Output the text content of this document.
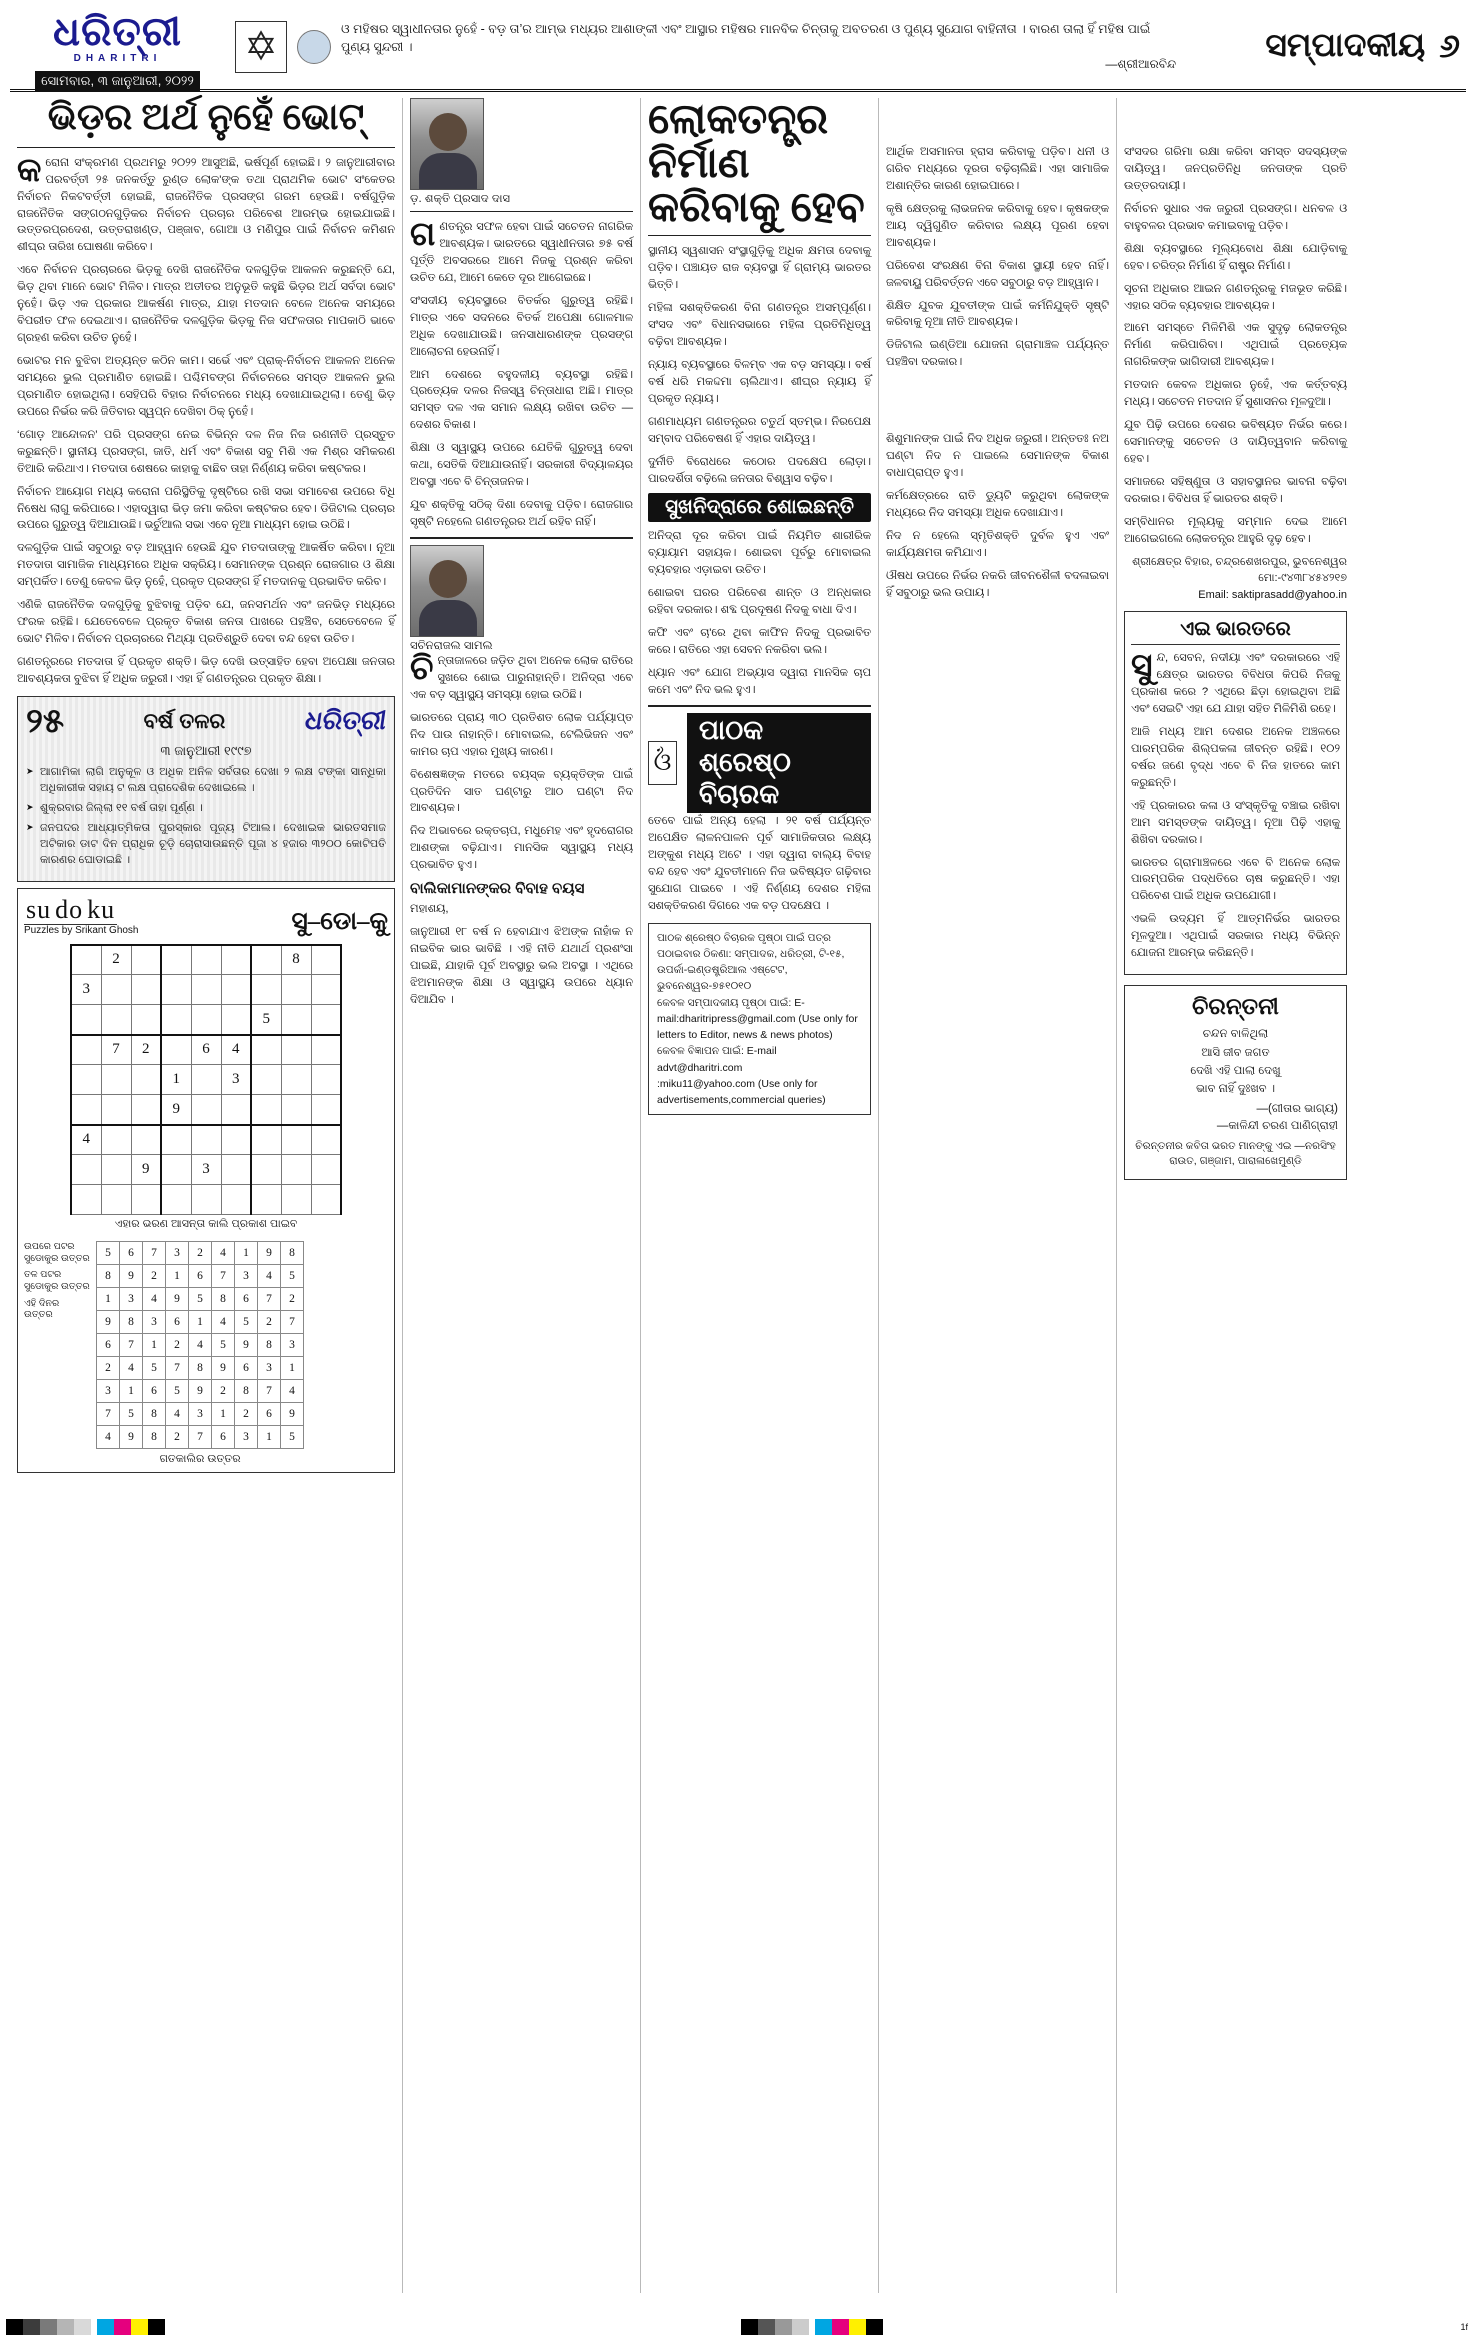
ଧରିତ୍ରୀ
DHARITRI
ସୋମବାର, ୩ ଜାନୁଆରୀ, ୨୦୨୨
✡
ଓ ମହିଷର ସ୍ୱାଧୀନତାର ନୁହେଁ - ବଡ଼ ତା’ର ଆମ୍ଭ ମଧ୍ୟର ଆଶାଙ୍କୀ ଏବଂ ଆସ୍ଥାର ମହିଷର ମାନବିକ ଚିନ୍ତାକୁ ଅବତରଣ ଓ ପୁଣ୍ୟ ସୁଯୋଗ ବାହିନୀତା । ବାରଣ ତାଲା ହିଁ ମହିଷ ପାଇଁ ପୁଣ୍ୟ ସୁନ୍ଦରୀ ।
—ଶ୍ରୀଆରବିନ୍ଦ	ସମ୍ପାଦକୀୟ ୬
ଭିଡ଼ର ଅର୍ଥ ନୁହେଁ ଭୋଟ୍

କରୋନା ସଂକ୍ରମଣ ପ୍ରଥମରୁ ୨୦୨୨ ଆସୁଅଛି, ଭର୍ଷପୂର୍ଣ ହୋଇଛି। ୨ ଜାନୁଆରୀବାର ପରବର୍ତ୍ତୀ ୨୫ ଜନକର୍ତ୍ତୁ ରୁଣ୍ଡ ଲୋକ'ଙ୍କ ତଥା ପ୍ରାଥମିକ ଭୋଟ ସଂକେତର ନିର୍ବାଚନ ନିକଟବର୍ତ୍ତୀ ହୋଇଛି, ରାଜନୈତିକ ପ୍ରସଙ୍ଗ ଗରମ ହେଉଛି। ବର୍ଷଗୁଡ଼ିକ ରାଜନୈତିକ ସଙ୍ଗଠନଗୁଡ଼ିକର ନିର୍ବାଚନ ପ୍ରଚାର ପରିବେଶ ଆରମ୍ଭ ହୋଇଯାଇଛି। ଉତ୍ତରପ୍ରଦେଶ, ଉତ୍ତରାଖଣ୍ଡ, ପଞ୍ଜାବ, ଗୋଆ ଓ ମଣିପୁର ପାଇଁ ନିର୍ବାଚନ କମିଶନ ଶୀଘ୍ର ତାରିଖ ଘୋଷଣା କରିବେ।

ଏବେ ନିର୍ବାଚନ ପ୍ରଚାରରେ ଭିଡ଼କୁ ଦେଖି ରାଜନୈତିକ ଦଳଗୁଡ଼ିକ ଆକଳନ କରୁଛନ୍ତି ଯେ, ଭିଡ଼ ଥିବା ମାନେ ଭୋଟ ମିଳିବ। ମାତ୍ର ଅତୀତର ଅନୁଭୂତି କହୁଛି ଭିଡ଼ର ଅର୍ଥ ସର୍ବଦା ଭୋଟ ନୁହେଁ। ଭିଡ଼ ଏକ ପ୍ରକାର ଆକର୍ଷଣ ମାତ୍ର, ଯାହା ମତଦାନ ବେଳେ ଅନେକ ସମୟରେ ବିପରୀତ ଫଳ ଦେଇଥାଏ। ରାଜନୈତିକ ଦଳଗୁଡ଼ିକ ଭିଡ଼କୁ ନିଜ ସଫଳତାର ମାପକାଠି ଭାବେ ଗ୍ରହଣ କରିବା ଉଚିତ ନୁହେଁ।

ଭୋଟର ମନ ବୁଝିବା ଅତ୍ୟନ୍ତ କଠିନ କାମ। ସର୍ଭେ ଏବଂ ପ୍ରାକ୍-ନିର୍ବାଚନ ଆକଳନ ଅନେକ ସମୟରେ ଭୁଲ ପ୍ରମାଣିତ ହୋଇଛି। ପଶ୍ଚିମବଙ୍ଗ ନିର୍ବାଚନରେ ସମସ୍ତ ଆକଳନ ଭୁଲ ପ୍ରମାଣିତ ହୋଇଥିଲା। ସେହିପରି ବିହାର ନିର୍ବାଚନରେ ମଧ୍ୟ ଦେଖାଯାଇଥିଲା। ତେଣୁ ଭିଡ଼ ଉପରେ ନିର୍ଭର କରି ଜିତିବାର ସ୍ୱପ୍ନ ଦେଖିବା ଠିକ୍ ନୁହେଁ।

‘ଗୋଡ଼ ଆନ୍ଦୋଳନ’ ପରି ପ୍ରସଙ୍ଗ ନେଇ ବିଭିନ୍ନ ଦଳ ନିଜ ନିଜ ରଣନୀତି ପ୍ରସ୍ତୁତ କରୁଛନ୍ତି। ସ୍ଥାନୀୟ ପ୍ରସଙ୍ଗ, ଜାତି, ଧର୍ମ ଏବଂ ବିକାଶ ସବୁ ମିଶି ଏକ ମିଶ୍ର ସମିକରଣ ତିଆରି କରିଥାଏ। ମତଦାତା ଶେଷରେ କାହାକୁ ବାଛିବ ତାହା ନିର୍ଣ୍ଣୟ କରିବା କଷ୍ଟକର।

ନିର୍ବାଚନ ଆୟୋଗ ମଧ୍ୟ କରୋନା ପରିସ୍ଥିତିକୁ ଦୃଷ୍ଟିରେ ରଖି ସଭା ସମାବେଶ ଉପରେ ବିଧି ନିଷେଧ ଲାଗୁ କରିପାରେ। ଏହାଦ୍ୱାରା ଭିଡ଼ ଜମା କରିବା କଷ୍ଟକର ହେବ। ଡିଜିଟାଲ ପ୍ରଚାର ଉପରେ ଗୁରୁତ୍ୱ ଦିଆଯାଉଛି। ଭର୍ଚୁଆଲ ସଭା ଏବେ ନୂଆ ମାଧ୍ୟମ ହୋଇ ଉଠିଛି।

ଦଳଗୁଡ଼ିକ ପାଇଁ ସବୁଠାରୁ ବଡ଼ ଆହ୍ୱାନ ହେଉଛି ଯୁବ ମତଦାତାଙ୍କୁ ଆକର୍ଷିତ କରିବା। ନୂଆ ମତଦାତା ସାମାଜିକ ମାଧ୍ୟମରେ ଅଧିକ ସକ୍ରିୟ। ସେମାନଙ୍କ ପ୍ରଶ୍ନ ରୋଜଗାର ଓ ଶିକ୍ଷା ସମ୍ପର୍କିତ। ତେଣୁ କେବଳ ଭିଡ଼ ନୁହେଁ, ପ୍ରକୃତ ପ୍ରସଙ୍ଗ ହିଁ ମତଦାନକୁ ପ୍ରଭାବିତ କରିବ।

ଏଣିକି ରାଜନୈତିକ ଦଳଗୁଡ଼ିକୁ ବୁଝିବାକୁ ପଡ଼ିବ ଯେ, ଜନସମର୍ଥନ ଏବଂ ଜନଭିଡ଼ ମଧ୍ୟରେ ଫରକ ରହିଛି। ଯେତେବେଳେ ପ୍ରକୃତ ବିକାଶ ଜନତା ପାଖରେ ପହଞ୍ଚିବ, ସେତେବେଳେ ହିଁ ଭୋଟ ମିଳିବ। ନିର୍ବାଚନ ପ୍ରଚାରରେ ମିଥ୍ୟା ପ୍ରତିଶ୍ରୁତି ଦେବା ବନ୍ଦ ହେବା ଉଚିତ।

ଗଣତନ୍ତ୍ରରେ ମତଦାତା ହିଁ ପ୍ରକୃତ ଶକ୍ତି। ଭିଡ଼ ଦେଖି ଉତ୍ସାହିତ ହେବା ଅପେକ୍ଷା ଜନତାର ଆବଶ୍ୟକତା ବୁଝିବା ହିଁ ଅଧିକ ଜରୁରୀ। ଏହା ହିଁ ଗଣତନ୍ତ୍ରର ପ୍ରକୃତ ଶିକ୍ଷା।

୨୫	ବର୍ଷ ତଳର	ଧରିତ୍ରୀ
୩ ଜାନୁଆରୀ ୧୯୯୭
➤ ଆଗାମିକା ଲାଗି ଅନୁକୂଳ ଓ ଅଧିକ ଅନିଳ ସର୍ବତାର ଦେଖା ୨ ଲକ୍ଷ ଟଙ୍କା ସାନ୍ଧିକା ଅଧିକାରୀକ ସହାୟ ଟ ଲକ୍ଷ ପ୍ରାଦେଶିକ ଦେଖାଇଲେ ।
➤ ଶୁକ୍ରବାର ଜିଲ୍ଲା ୧୧ ବର୍ଷ ତାହା ପୂର୍ଣ୍ଣ ।
➤ ଜନପଦର ଆଧ୍ୟାତ୍ମିକତା ପୁରସ୍କାର ପୂଜ୍ୟ ଟିଆଲ। ଦେଖାଇକ ଭାରତସମାଜ ଅଟିକାର ଡାଟ ଦିନ ପ୍ରାଧିକ ଚୂଡ଼ି ଚୋରାସାଉଛନ୍ତି ପୂଜା ୪ ହଜାର ୩୨୦୦ କୋଟିପତି କାରଣର ଘୋଡାଇଛି ।
su do ku
Puzzles by Srikant Ghosh	ସୁ–ଡୋ–କୁ
	2						8	
3								
						5		
	7	2		6	4			
			1		3			
			9					
4								
		9		3				

ଏହାର ଭରଣ ଆସନ୍ତା କାଲି ପ୍ରକାଶ ପାଇବ
ଉପରେ ପଟର ସୁଡୋକୁର ଉତ୍ତର
ତଳ ପଟର ସୁଡୋକୁର ଉତ୍ତର
ଏହି ଦିନର ଉତ୍ତର
5	6	7	3	2	4	1	9	8
8	9	2	1	6	7	3	4	5
1	3	4	9	5	8	6	7	2
9	8	3	6	1	4	5	2	7
6	7	1	2	4	5	9	8	3
2	4	5	7	8	9	6	3	1
3	1	6	5	9	2	8	7	4
7	5	8	4	3	1	2	6	9
4	9	8	2	7	6	3	1	5
ଗତକାଲିର ଉତ୍ତର
ଡ଼. ଶକ୍ତି ପ୍ରସାଦ ଦାସ

ଗଣତନ୍ତ୍ର ସଫଳ ହେବା ପାଇଁ ସଚେତନ ନାଗରିକ ଆବଶ୍ୟକ। ଭାରତରେ ସ୍ୱାଧୀନତାର ୭୫ ବର୍ଷ ପୂର୍ତ୍ତି ଅବସରରେ ଆମେ ନିଜକୁ ପ୍ରଶ୍ନ କରିବା ଉଚିତ ଯେ, ଆମେ କେତେ ଦୂର ଆଗେଇଛେ।

ସଂସଦୀୟ ବ୍ୟବସ୍ଥାରେ ବିତର୍କର ଗୁରୁତ୍ୱ ରହିଛି। ମାତ୍ର ଏବେ ସଦନରେ ବିତର୍କ ଅପେକ୍ଷା ଗୋଳମାଳ ଅଧିକ ଦେଖାଯାଉଛି। ଜନସାଧାରଣଙ୍କ ପ୍ରସଙ୍ଗ ଆଲୋଚନା ହେଉନାହିଁ।

ଆମ ଦେଶରେ ବହୁଦଳୀୟ ବ୍ୟବସ୍ଥା ରହିଛି। ପ୍ରତ୍ୟେକ ଦଳର ନିଜସ୍ୱ ଚିନ୍ତାଧାରା ଅଛି। ମାତ୍ର ସମସ୍ତ ଦଳ ଏକ ସମାନ ଲକ୍ଷ୍ୟ ରଖିବା ଉଚିତ — ଦେଶର ବିକାଶ।

ଶିକ୍ଷା ଓ ସ୍ୱାସ୍ଥ୍ୟ ଉପରେ ଯେତିକି ଗୁରୁତ୍ୱ ଦେବା କଥା, ସେତିକି ଦିଆଯାଉନାହିଁ। ସରକାରୀ ବିଦ୍ୟାଳୟର ଅବସ୍ଥା ଏବେ ବି ଚିନ୍ତାଜନକ।

ଯୁବ ଶକ୍ତିକୁ ସଠିକ୍ ଦିଶା ଦେବାକୁ ପଡ଼ିବ। ରୋଜଗାର ସୃଷ୍ଟି ନହେଲେ ଗଣତନ୍ତ୍ରର ଅର୍ଥ ରହିବ ନାହିଁ।

ସଚିନରାଜଲ ସାମଲ

ଚିନ୍ତାଜାଳରେ ଜଡ଼ିତ ଥିବା ଅନେକ ଲୋକ ରାତିରେ ସୁଖରେ ଶୋଇ ପାରୁନାହାନ୍ତି। ଅନିଦ୍ରା ଏବେ ଏକ ବଡ଼ ସ୍ୱାସ୍ଥ୍ୟ ସମସ୍ୟା ହୋଇ ଉଠିଛି।

ଭାରତରେ ପ୍ରାୟ ୩୦ ପ୍ରତିଶତ ଲୋକ ପର୍ଯ୍ୟାପ୍ତ ନିଦ ପାଉ ନାହାନ୍ତି। ମୋବାଇଲ, ଟେଲିଭିଜନ ଏବଂ କାମର ଚାପ ଏହାର ମୁଖ୍ୟ କାରଣ।

ବିଶେଷଜ୍ଞଙ୍କ ମତରେ ବୟସ୍କ ବ୍ୟକ୍ତିଙ୍କ ପାଇଁ ପ୍ରତିଦିନ ସାତ ଘଣ୍ଟାରୁ ଆଠ ଘଣ୍ଟା ନିଦ ଆବଶ୍ୟକ।

ନିଦ ଅଭାବରେ ରକ୍ତଚାପ, ମଧୁମେହ ଏବଂ ହୃଦରୋଗର ଆଶଙ୍କା ବଢ଼ିଯାଏ। ମାନସିକ ସ୍ୱାସ୍ଥ୍ୟ ମଧ୍ୟ ପ୍ରଭାବିତ ହୁଏ।

ବାଲିକାମାନଙ୍କର ବିବାହ ବୟସ

ମହାଶୟ,

ଜାନୁଆରୀ ୧୮ ବର୍ଷ ନ ହେବାଯାଏ ଝିଅଙ୍କ ନାହାଁକ ନ ନାଇବିକ ଭାର ଭାବିଛି । ଏହି ନୀତି ଯଥାର୍ଥ ପ୍ରଶଂସା ପାଇଛି, ଯାହାକି ପୂର୍ବ ଅବସ୍ଥାରୁ ଭଲ ଅବସ୍ଥା । ଏଥିରେ ଝିଅମାନଙ୍କ ଶିକ୍ଷା ଓ ସ୍ୱାସ୍ଥ୍ୟ ଉପରେ ଧ୍ୟାନ ଦିଆଯିବ ।

ଲୋକତନ୍ତ୍ର ନିର୍ମାଣ କରିବାକୁ ହେବ

ସ୍ଥାନୀୟ ସ୍ୱଶାସନ ସଂସ୍ଥାଗୁଡ଼ିକୁ ଅଧିକ କ୍ଷମତା ଦେବାକୁ ପଡ଼ିବ। ପଞ୍ଚାୟତ ରାଜ ବ୍ୟବସ୍ଥା ହିଁ ଗ୍ରାମ୍ୟ ଭାରତର ଭିତ୍ତି।

ମହିଳା ସଶକ୍ତିକରଣ ବିନା ଗଣତନ୍ତ୍ର ଅସମ୍ପୂର୍ଣ୍ଣ। ସଂସଦ ଏବଂ ବିଧାନସଭାରେ ମହିଳା ପ୍ରତିନିଧିତ୍ୱ ବଢ଼ିବା ଆବଶ୍ୟକ।

ନ୍ୟାୟ ବ୍ୟବସ୍ଥାରେ ବିଳମ୍ବ ଏକ ବଡ଼ ସମସ୍ୟା। ବର୍ଷ ବର୍ଷ ଧରି ମକଦ୍ଦମା ଚାଲିଥାଏ। ଶୀଘ୍ର ନ୍ୟାୟ ହିଁ ପ୍ରକୃତ ନ୍ୟାୟ।

ଗଣମାଧ୍ୟମ ଗଣତନ୍ତ୍ରର ଚତୁର୍ଥ ସ୍ତମ୍ଭ। ନିରପେକ୍ଷ ସମ୍ବାଦ ପରିବେଷଣ ହିଁ ଏହାର ଦାୟିତ୍ୱ।

ଦୁର୍ନୀତି ବିରୋଧରେ କଠୋର ପଦକ୍ଷେପ ଲୋଡ଼ା। ପାରଦର୍ଶିତା ବଢ଼ିଲେ ଜନତାର ବିଶ୍ୱାସ ବଢ଼ିବ।

ସୁଖନିଦ୍ରାରେ ଶୋଇଛନ୍ତି

ଅନିଦ୍ରା ଦୂର କରିବା ପାଇଁ ନିୟମିତ ଶାରୀରିକ ବ୍ୟାୟାମ ସହାୟକ। ଶୋଇବା ପୂର୍ବରୁ ମୋବାଇଲ ବ୍ୟବହାର ଏଡ଼ାଇବା ଉଚିତ।

ଶୋଇବା ଘରର ପରିବେଶ ଶାନ୍ତ ଓ ଅନ୍ଧକାର ରହିବା ଦରକାର। ଶବ୍ଦ ପ୍ରଦୂଷଣ ନିଦକୁ ବାଧା ଦିଏ।

କଫି ଏବଂ ଚା'ରେ ଥିବା କାଫିନ ନିଦକୁ ପ୍ରଭାବିତ କରେ। ରାତିରେ ଏହା ସେବନ ନକରିବା ଭଲ।

ଧ୍ୟାନ ଏବଂ ଯୋଗ ଅଭ୍ୟାସ ଦ୍ୱାରା ମାନସିକ ଚାପ କମେ ଏବଂ ନିଦ ଭଲ ହୁଏ।

ଓଁ
ପାଠକ ଶ୍ରେଷ୍ଠ ବିଚାରକ

ତେବେ ପାଇଁ ଅନ୍ୟ ହେଲା । ୨୧ ବର୍ଷ ପର୍ଯ୍ୟନ୍ତ ଅପେକ୍ଷିତ ଲାଳନପାଳନ ପୂର୍ବ ସାମାଜିକତାର ଲକ୍ଷ୍ୟ ଅଙ୍କୁଶ ମଧ୍ୟ ଅଟେ । ଏହା ଦ୍ୱାରା ବାଲ୍ୟ ବିବାହ ବନ୍ଦ ହେବ ଏବଂ ଯୁବତୀମାନେ ନିଜ ଭବିଷ୍ୟତ ଗଢ଼ିବାର ସୁଯୋଗ ପାଇବେ । ଏହି ନିର୍ଣ୍ଣୟ ଦେଶର ମହିଳା ସଶକ୍ତିକରଣ ଦିଗରେ ଏକ ବଡ଼ ପଦକ୍ଷେପ ।

ପାଠକ ଶ୍ରେଷ୍ଠ ବିଚାରକ ପୃଷ୍ଠା ପାଇଁ ପତ୍ର ପଠାଇବାର ଠିକଣା: ସମ୍ପାଦକ, ଧରିତ୍ରୀ, ଟି-୧୫, ଉପର୍କା-ଇଣ୍ଡଷ୍ଟ୍ରିଆଲ ଏଷ୍ଟେଟ, ଭୁବନେଶ୍ୱର-୭୫୧୦୧୦
କେବଳ ସମ୍ପାଦକୀୟ ପୃଷ୍ଠା ପାଇଁ: E-mail:dharitripress@gmail.com (Use only for letters to Editor, news & news photos) କେବଳ ବିଜ୍ଞାପନ ପାଇଁ: E-mail advt@dharitri.com
:miku11@yahoo.com (Use only for advertisements,commercial queries)

ଆର୍ଥିକ ଅସମାନତା ହ୍ରାସ କରିବାକୁ ପଡ଼ିବ। ଧନୀ ଓ ଗରିବ ମଧ୍ୟରେ ଦୂରତା ବଢ଼ିଚାଲିଛି। ଏହା ସାମାଜିକ ଅଶାନ୍ତିର କାରଣ ହୋଇପାରେ।

କୃଷି କ୍ଷେତ୍ରକୁ ଲାଭଜନକ କରିବାକୁ ହେବ। କୃଷକଙ୍କ ଆୟ ଦ୍ୱିଗୁଣିତ କରିବାର ଲକ୍ଷ୍ୟ ପୂରଣ ହେବା ଆବଶ୍ୟକ।

ପରିବେଶ ସଂରକ୍ଷଣ ବିନା ବିକାଶ ସ୍ଥାୟୀ ହେବ ନାହିଁ। ଜଳବାୟୁ ପରିବର୍ତ୍ତନ ଏବେ ସବୁଠାରୁ ବଡ଼ ଆହ୍ୱାନ।

ଶିକ୍ଷିତ ଯୁବକ ଯୁବତୀଙ୍କ ପାଇଁ କର୍ମନିଯୁକ୍ତି ସୃଷ୍ଟି କରିବାକୁ ନୂଆ ନୀତି ଆବଶ୍ୟକ।

ଡିଜିଟାଲ ଇଣ୍ଡିଆ ଯୋଜନା ଗ୍ରାମାଞ୍ଚଳ ପର୍ଯ୍ୟନ୍ତ ପହଞ୍ଚିବା ଦରକାର।

ଶିଶୁମାନଙ୍କ ପାଇଁ ନିଦ ଅଧିକ ଜରୁରୀ। ଅନ୍ତତଃ ନଅ ଘଣ୍ଟା ନିଦ ନ ପାଇଲେ ସେମାନଙ୍କ ବିକାଶ ବାଧାପ୍ରାପ୍ତ ହୁଏ।

କର୍ମକ୍ଷେତ୍ରରେ ରାତି ଡ୍ୟୁଟି କରୁଥିବା ଲୋକଙ୍କ ମଧ୍ୟରେ ନିଦ ସମସ୍ୟା ଅଧିକ ଦେଖାଯାଏ।

ନିଦ ନ ହେଲେ ସ୍ମୃତିଶକ୍ତି ଦୁର୍ବଳ ହୁଏ ଏବଂ କାର୍ଯ୍ୟକ୍ଷମତା କମିଯାଏ।

ଔଷଧ ଉପରେ ନିର୍ଭର ନକରି ଜୀବନଶୈଳୀ ବଦଳାଇବା ହିଁ ସବୁଠାରୁ ଭଲ ଉପାୟ।

ସଂସଦର ଗରିମା ରକ୍ଷା କରିବା ସମସ୍ତ ସଦସ୍ୟଙ୍କ ଦାୟିତ୍ୱ। ଜନପ୍ରତିନିଧି ଜନତାଙ୍କ ପ୍ରତି ଉତ୍ତରଦାୟୀ।

ନିର୍ବାଚନ ସୁଧାର ଏକ ଜରୁରୀ ପ୍ରସଙ୍ଗ। ଧନବଳ ଓ ବାହୁବଳର ପ୍ରଭାବ କମାଇବାକୁ ପଡ଼ିବ।

ଶିକ୍ଷା ବ୍ୟବସ୍ଥାରେ ମୂଲ୍ୟବୋଧ ଶିକ୍ଷା ଯୋଡ଼ିବାକୁ ହେବ। ଚରିତ୍ର ନିର୍ମାଣ ହିଁ ରାଷ୍ଟ୍ର ନିର୍ମାଣ।

ସୂଚନା ଅଧିକାର ଆଇନ ଗଣତନ୍ତ୍ରକୁ ମଜଭୂତ କରିଛି। ଏହାର ସଠିକ ବ୍ୟବହାର ଆବଶ୍ୟକ।

ଆମେ ସମସ୍ତେ ମିଳିମିଶି ଏକ ସୁଦୃଢ଼ ଲୋକତନ୍ତ୍ର ନିର୍ମାଣ କରିପାରିବା। ଏଥିପାଇଁ ପ୍ରତ୍ୟେକ ନାଗରିକଙ୍କ ଭାଗିଦାରୀ ଆବଶ୍ୟକ।

ମତଦାନ କେବଳ ଅଧିକାର ନୁହେଁ, ଏକ କର୍ତ୍ତବ୍ୟ ମଧ୍ୟ। ସଚେତନ ମତଦାନ ହିଁ ସୁଶାସନର ମୂଳଦୁଆ।

ଯୁବ ପିଢ଼ି ଉପରେ ଦେଶର ଭବିଷ୍ୟତ ନିର୍ଭର କରେ। ସେମାନଙ୍କୁ ସଚେତନ ଓ ଦାୟିତ୍ୱବାନ କରିବାକୁ ହେବ।

ସମାଜରେ ସହିଷ୍ଣୁତା ଓ ସହାବସ୍ଥାନର ଭାବନା ବଢ଼ିବା ଦରକାର। ବିବିଧତା ହିଁ ଭାରତର ଶକ୍ତି।

ସମ୍ବିଧାନର ମୂଲ୍ୟକୁ ସମ୍ମାନ ଦେଇ ଆମେ ଆଗେଇଗଲେ ଲୋକତନ୍ତ୍ର ଆହୁରି ଦୃଢ଼ ହେବ।

ଶ୍ରୀକ୍ଷେତ୍ର ବିହାର, ଚନ୍ଦ୍ରଶେଖରପୁର, ଭୁବନେଶ୍ୱର
ମୋ:-୯୪୩୮୪୫୪୨୧୭
Email: saktiprasadd@yahoo.in
ଏଇ ଭାରତରେ

ସୁନ୍ଦ, ସେବନ, ନଦୀୟା ଏବଂ ଦରକାରରେ ଏହି କ୍ଷେତ୍ର ଭାରତର ବିବିଧତା କିପରି ନିଜକୁ ପ୍ରକାଶ କରେ ? ଏଥିରେ ଛିଡ଼ା ହୋଇଥିବା ଅଛି ଏବଂ ସେଇଟି ଏହା ଯେ ଯାହା ସହିତ ମିଳିମିଶି ରହେ।

ଆଜି ମଧ୍ୟ ଆମ ଦେଶର ଅନେକ ଅଞ୍ଚଳରେ ପାରମ୍ପରିକ ଶିଲ୍ପକଳା ଜୀବନ୍ତ ରହିଛି। ୧୦୨ ବର୍ଷର ଜଣେ ବୃଦ୍ଧ ଏବେ ବି ନିଜ ହାତରେ କାମ କରୁଛନ୍ତି।

ଏହି ପ୍ରକାରର କଳା ଓ ସଂସ୍କୃତିକୁ ବଞ୍ଚାଇ ରଖିବା ଆମ ସମସ୍ତଙ୍କ ଦାୟିତ୍ୱ। ନୂଆ ପିଢ଼ି ଏହାକୁ ଶିଖିବା ଦରକାର।

ଭାରତର ଗ୍ରାମାଞ୍ଚଳରେ ଏବେ ବି ଅନେକ ଲୋକ ପାରମ୍ପରିକ ପଦ୍ଧତିରେ ଚାଷ କରୁଛନ୍ତି। ଏହା ପରିବେଶ ପାଇଁ ଅଧିକ ଉପଯୋଗୀ।

ଏଭଳି ଉଦ୍ୟମ ହିଁ ଆତ୍ମନିର୍ଭର ଭାରତର ମୂଳଦୁଆ। ଏଥିପାଇଁ ସରକାର ମଧ୍ୟ ବିଭିନ୍ନ ଯୋଜନା ଆରମ୍ଭ କରିଛନ୍ତି।

ଚିରନ୍ତନୀ
ଚନ୍ଦନ ବାଳିଥିଲା
ଆସି ଜୀବ ଜଗତ
ଦେଖି ଏହି ପାଲା ଦେଖୁ
ଭାବ ନାହିଁ ଦୁଃଖବ ।
—(ଗୀତାର ଭାଗ୍ୟ)
—କାଳିନ୍ଦୀ ଚରଣ ପାଣିଗ୍ରାହୀ
ଚିରନ୍ତନୀର କବିତା ଭରତ ମାନଙ୍କୁ ଏଇ —ନରସିଂହ ରାଉତ, ଗଞ୍ଜାମ, ପାରାଳାଖେମୁଣ୍ଡି
1f
